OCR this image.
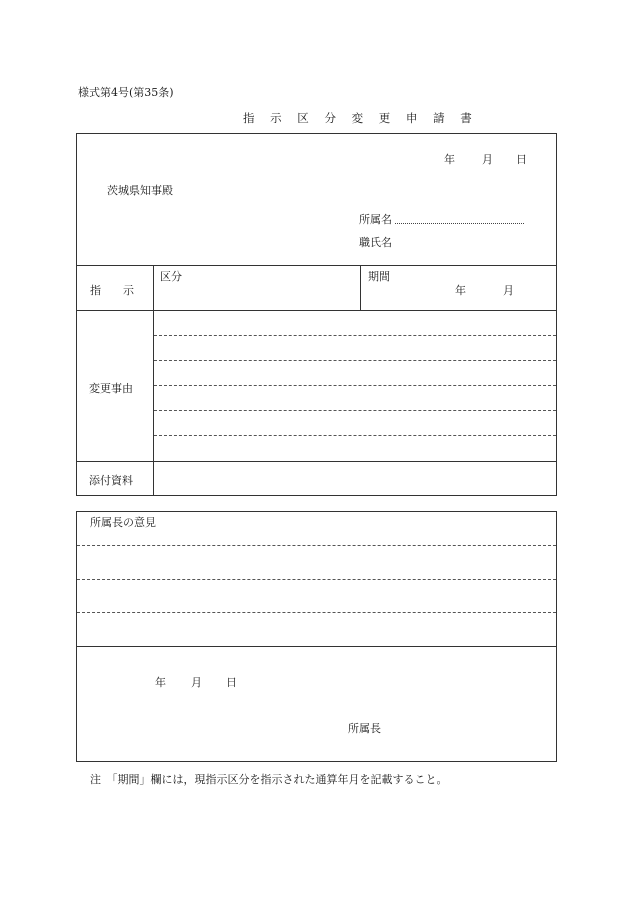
様式第4号(第35条)
指 示 区 分 変 更 申 請 書
年 月 日
茨城県知事殿
所属名
職氏名
指　　示
区分	期間
年	月
変更事由
添付資料
所属長の意見
年 月 日
所属長
注　「期間」欄には，現指示区分を指示された通算年月を記載すること。
